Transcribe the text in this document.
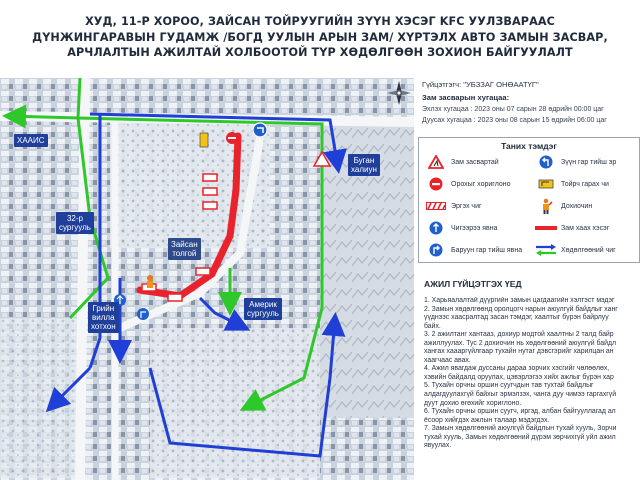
ХУД, 11-Р ХОРОО, ЗАЙСАН ТОЙРУУГИЙН ЗҮҮН ХЭСЭГ KFC УУЛЗВАРААС
ДҮНЖИНГАРАВЫН ГУДАМЖ /БОГД УУЛЫН АРЫН ЗАМ/ ХҮРТЭЛХ АВТО ЗАМЫН ЗАСВАР,
АРЧЛАЛТЫН АЖИЛТАЙ ХОЛБООТОЙ ТҮР ХӨДӨЛГӨӨН ЗОХИОН БАЙГУУЛАЛТ
ХААИС
Буган
халиун
32-р
сургууль
Зайсан
толгой
Америк
сургууль
Грийн
вилла
хотхон
Гүйцэтгэгч: "УБЗЗАГ ОНӨААТҮГ"
Зам засварын хугацаа:
Эхлэх хугацаа : 2023 оны 07 сарын 28 өдрийн 00:00 цаг
Дуусах хугацаа : 2023 оны 08 сарын 15 өдрийн 06:00 цаг
Таних тэмдэг
Зам засвартай	Зүүн гар тийш эр
Орохыг хориглоно	Тойрч гарах чи
Эргэх чиг	Дохиочин
Чигээрээ явна	Зам хаах хэсэг
Баруун гар тийш явна	Хөдөлгөөний чиг
АЖИЛ ГҮЙЦЭТГЭХ ҮЕД
1. Харьяалалтай дүүргийн замын цагдаагийн хэлтэст мэдэг
2. Замын хөдөлгөөнд оролцогч нарын аюулгүй байдлыг ханг
үүднээс хаасралтад засан тэмдэг, хаалтыг бүрэн байрлуу
байх.
3. 2 ажилтанг хантааз, дохиур модтой хаалтны 2 талд байр
ажиллуулах. Тус 2 дохиочин нь хөдөлгөөний аюулгүй байдл
хангах хаааргүйлгаар тухайн нутаг дэвсгэрийг харилцан ан
хаагчаас авах.
4. Ажил явагдаж дуссаны дараа зорчих хэсгийг чөлөөлөх,
хэвийн байдалд оруулах, цэвэрлэгээ хийх ажлыг бүрэн хар
5. Тухайн орчны оршин суугчдын тав тухтай байдлыг
алдагдуулахгүй байхыг эрмэлзэх, чанга дуу чимээ гаргахгүй
дуут дохио өгөхийг хориглоно.
6. Тухайн орчны оршин суугч, иргэд, албан байгууллагад ал
ёсоор хийгдэх ажлын талаар мэдэгдэх.
7. Замын хөдөлгөөний аюулгүй байдлын тухай хууль, Зорчи
тухай хууль, Замын хөдөлгөөний дүрэм зөрчихгүй уйл ажил
явуулах.
